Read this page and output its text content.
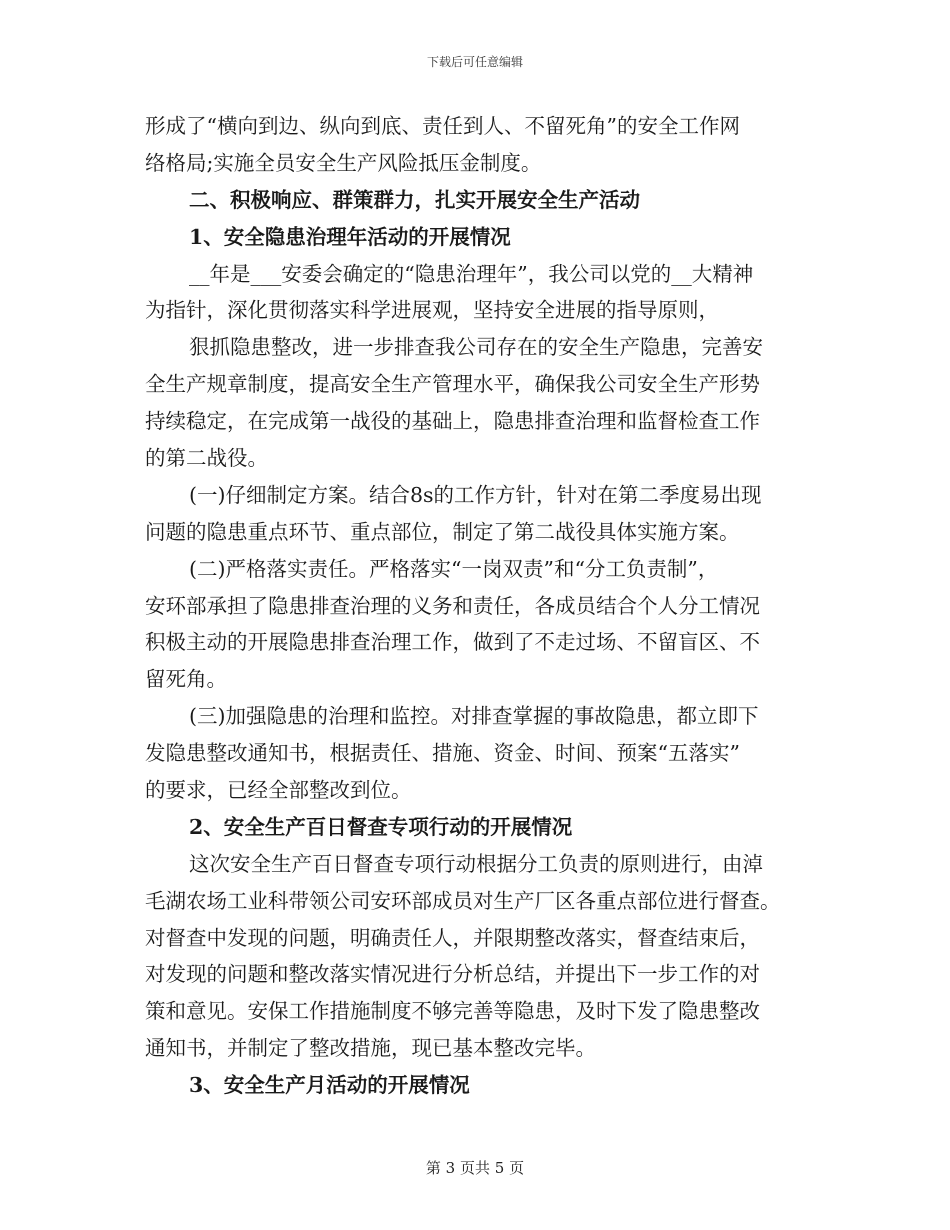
下载后可任意编辑
形成了“横向到边、纵向到底、责任到人、不留死角”的安全工作网
络格局;实施全员安全生产风险抵压金制度。
二、积极响应、群策群力，扎实开展安全生产活动
1、安全隐患治理年活动的开展情况
__年是___安委会确定的“隐患治理年”，我公司以党的__大精神
为指针，深化贯彻落实科学进展观，坚持安全进展的指导原则，
狠抓隐患整改，进一步排查我公司存在的安全生产隐患，完善安
全生产规章制度，提高安全生产管理水平，确保我公司安全生产形势
持续稳定，在完成第一战役的基础上，隐患排查治理和监督检查工作
的第二战役。
(一)仔细制定方案。结合8s的工作方针，针对在第二季度易出现
问题的隐患重点环节、重点部位，制定了第二战役具体实施方案。
(二)严格落实责任。严格落实“一岗双责”和“分工负责制”，
安环部承担了隐患排查治理的义务和责任，各成员结合个人分工情况
积极主动的开展隐患排查治理工作，做到了不走过场、不留盲区、不
留死角。
(三)加强隐患的治理和监控。对排查掌握的事故隐患，都立即下
发隐患整改通知书，根据责任、措施、资金、时间、预案“五落实”
的要求，已经全部整改到位。
2、安全生产百日督查专项行动的开展情况
这次安全生产百日督查专项行动根据分工负责的原则进行，由淖
毛湖农场工业科带领公司安环部成员对生产厂区各重点部位进行督查。
对督查中发现的问题，明确责任人，并限期整改落实，督查结束后，
对发现的问题和整改落实情况进行分析总结，并提出下一步工作的对
策和意见。安保工作措施制度不够完善等隐患，及时下发了隐患整改
通知书，并制定了整改措施，现已基本整改完毕。
3、安全生产月活动的开展情况
第 3 页共 5 页
